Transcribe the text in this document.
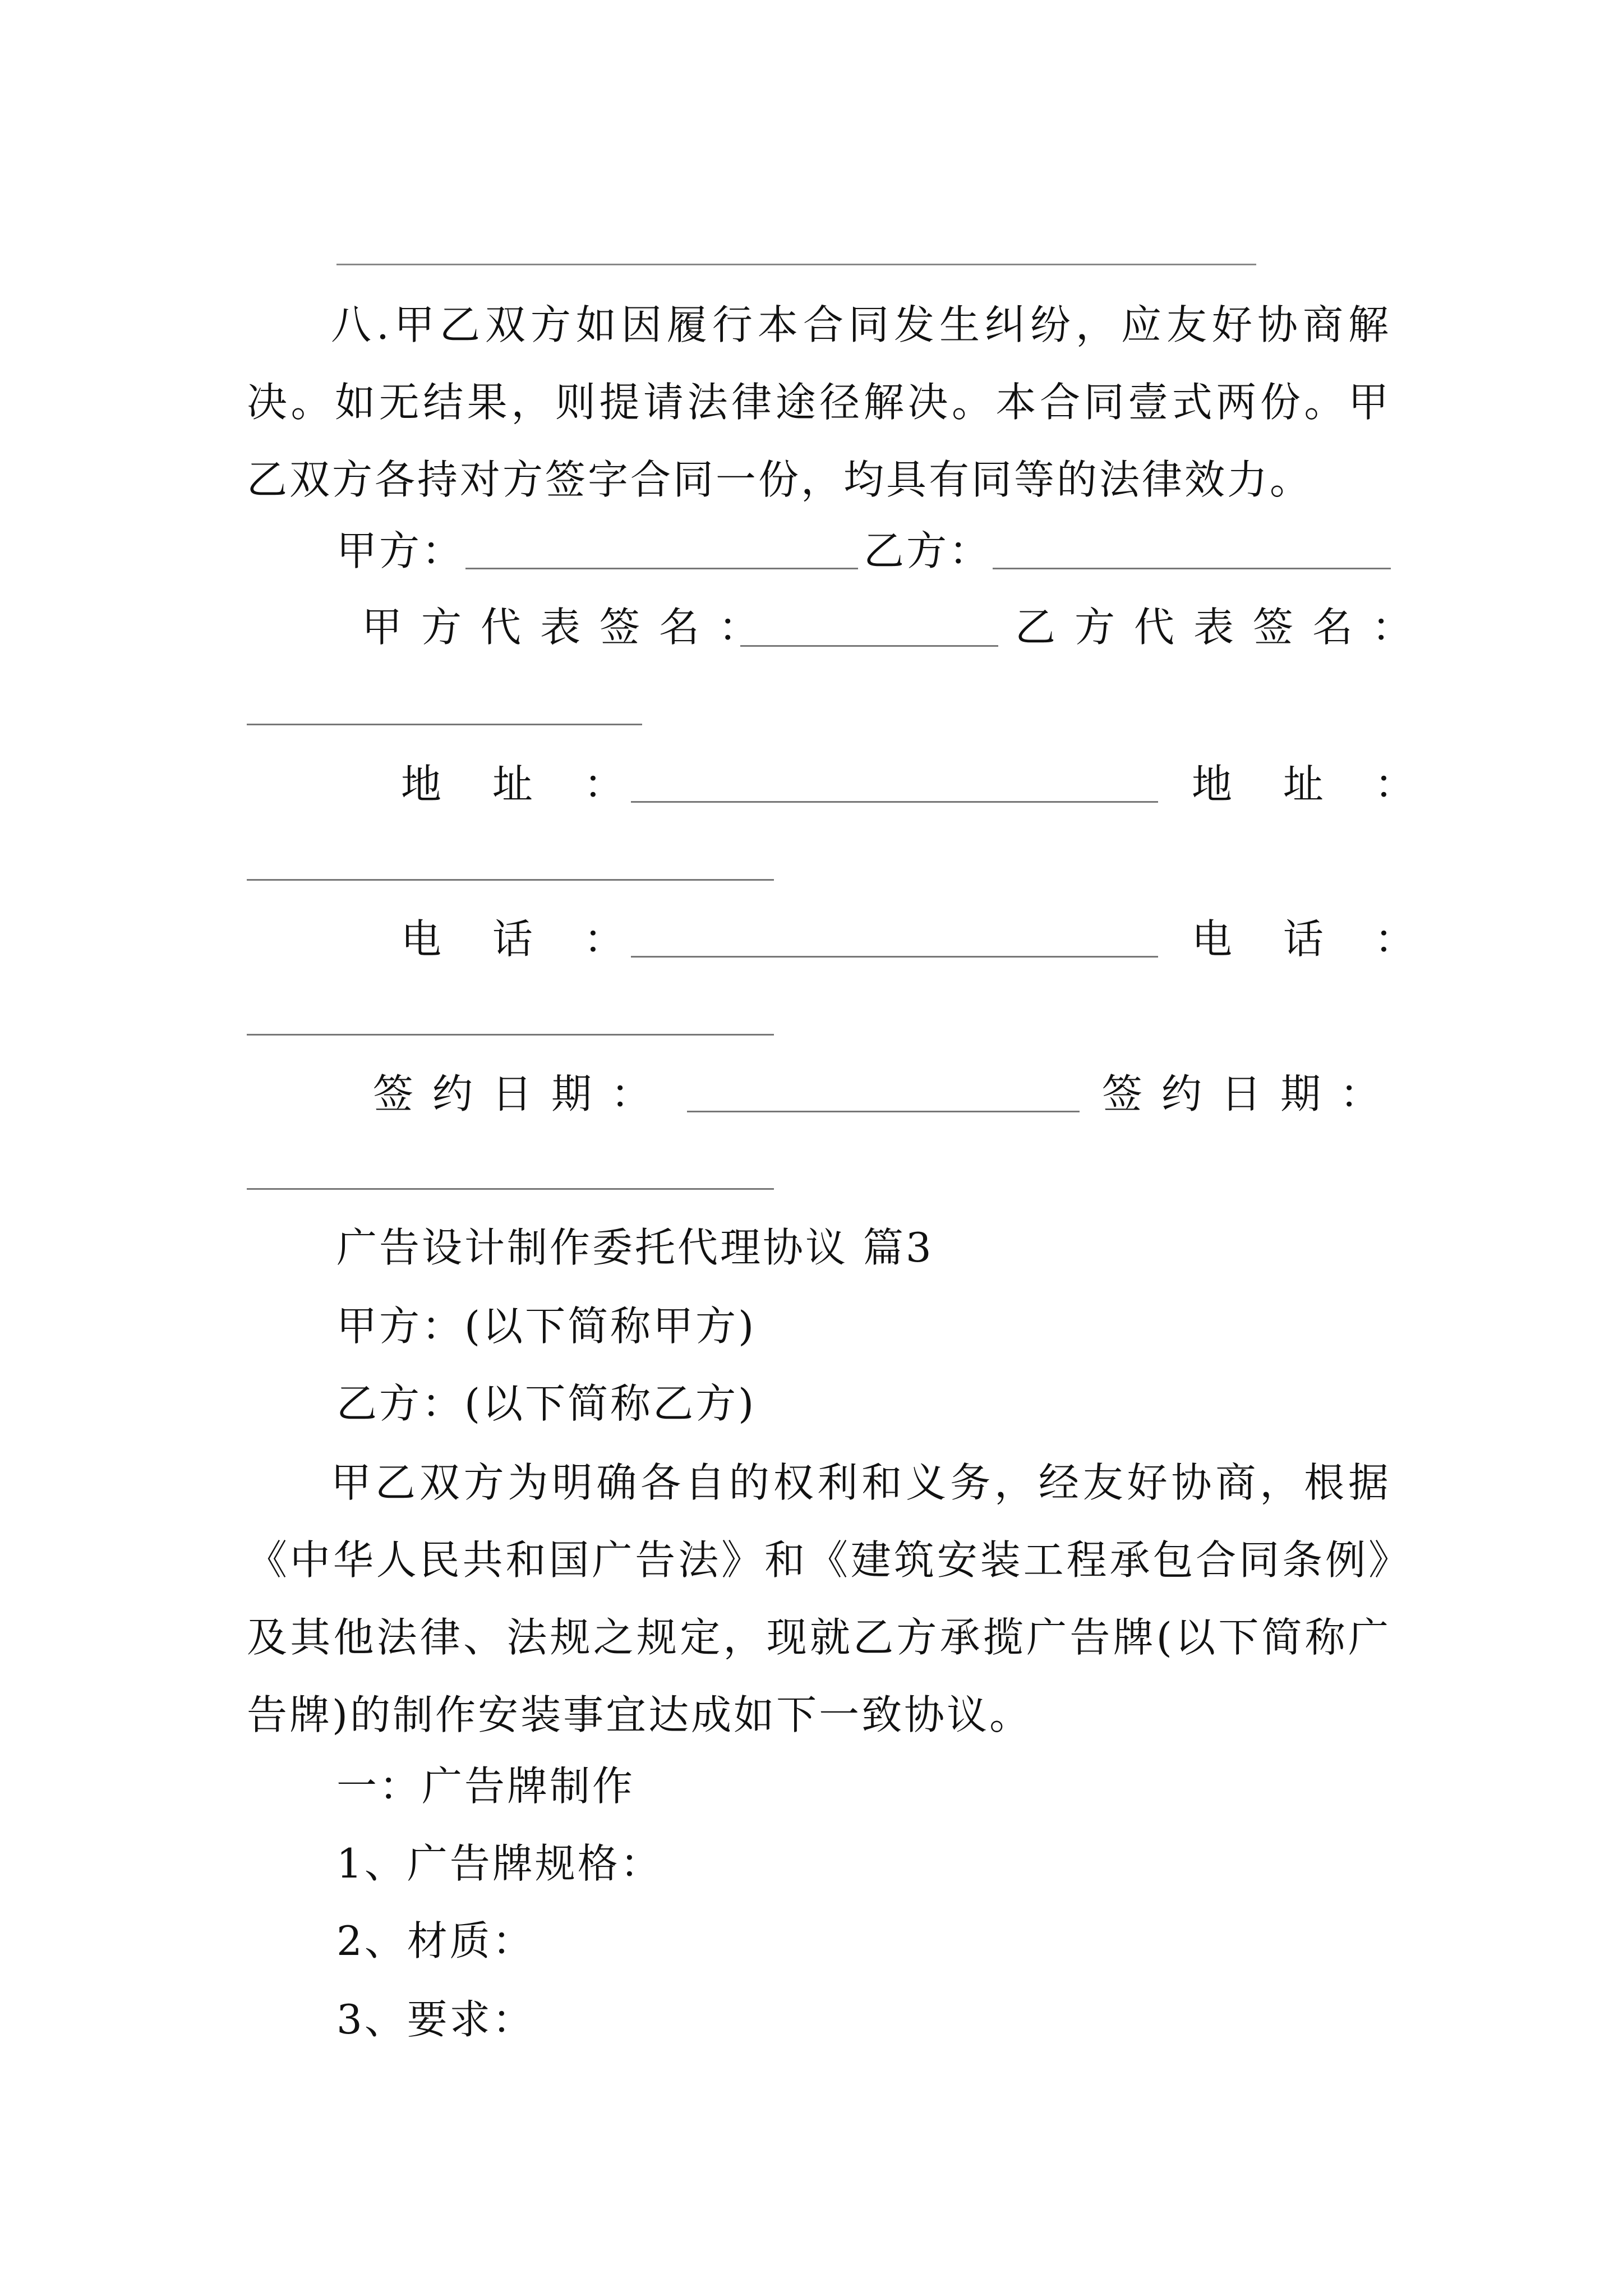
八.甲乙双方如因履行本合同发生纠纷，应友好协商解决。如无结果，则提请法律途径解决。本合同壹式两份。甲乙双方各持对方签字合同一份，均具有同等的法律效力。
甲方：	乙方：
甲方代表签名：	乙方代表签名：
地 址 ：	地 址 ：
电 话 ：	电 话 ：
签约日期：	签约日期：
广告设计制作委托代理协议 篇3
甲方：(以下简称甲方)
乙方：(以下简称乙方)
甲乙双方为明确各自的权利和义务，经友好协商，根据《中华人民共和国广告法》和《建筑安装工程承包合同条例》及其他法律、法规之规定，现就乙方承揽广告牌(以下简称广告牌)的制作安装事宜达成如下一致协议。
一：广告牌制作
1、广告牌规格：
2、材质：
3、要求：
